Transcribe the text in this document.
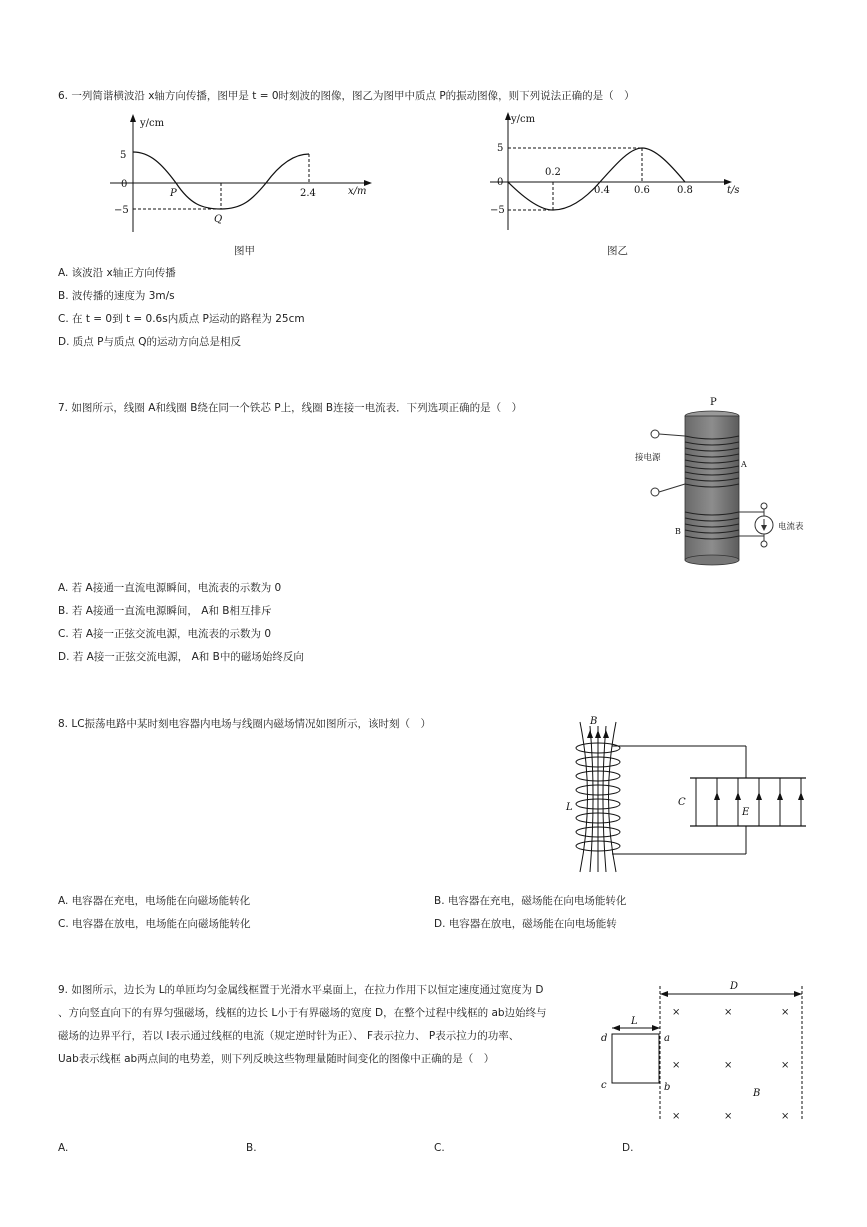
6. 一列简谐横波沿 x轴方向传播，图甲是 t = 0时刻波的图像，图乙为图甲中质点 P的振动图像，则下列说法正确的是（　）
y/cm
x/m
5
0
−5
P
Q
2.4
图甲
y/cm
t/s
5
0
−5
0.2
0.4 0.6	0.8
图乙
A. 该波沿 x轴正方向传播
B. 波传播的速度为 3m/s
C. 在 t = 0到 t = 0.6s内质点 P运动的路程为 25cm
D. 质点 P与质点 Q的运动方向总是相反
7. 如图所示，线圈 A和线圈 B绕在同一个铁芯 P上，线圈 B连接一电流表．下列选项正确的是（　）	P
接电源
A
B	电流表
A. 若 A接通一直流电源瞬间，电流表的示数为 0
B. 若 A接通一直流电源瞬间， A和 B相互排斥
C. 若 A接一正弦交流电源，电流表的示数为 0
D. 若 A接一正弦交流电源， A和 B中的磁场始终反向
8. LC振荡电路中某时刻电容器内电场与线圈内磁场情况如图所示，该时刻（　）	B
L	C
E
A. 电容器在充电，电场能在向磁场能转化	B. 电容器在充电，磁场能在向电场能转化
C. 电容器在放电，电场能在向磁场能转化	D. 电容器在放电，磁场能在向电场能转
9. 如图所示，边长为 L的单匝均匀金属线框置于光滑水平桌面上，在拉力作用下以恒定速度通过宽度为 D
、方向竖直向下的有界匀强磁场，线框的边长 L小于有界磁场的宽度 D，在整个过程中线框的 ab边始终与
磁场的边界平行，若以 I表示通过线框的电流（规定逆时针为正）、 F表示拉力、 P表示拉力的功率、
Uab表示线框 ab两点间的电势差，则下列反映这些物理量随时间变化的图像中正确的是（　）
D
L
d
c
a
b
×	×	×
×	×	×
×	×	×
B
A.	B.	C.	D.
